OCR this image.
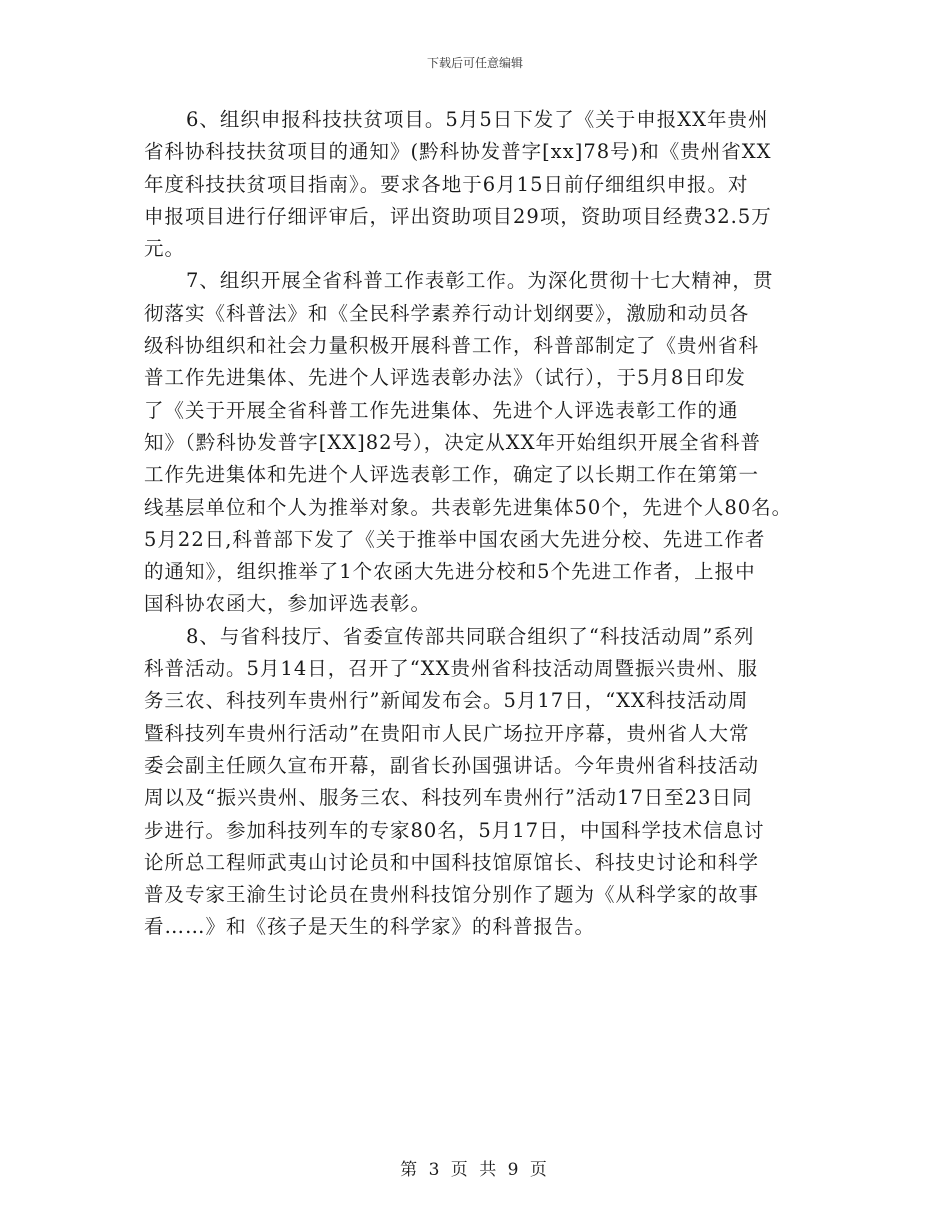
下载后可任意编辑

6、组织申报科技扶贫项目。5月5日下发了《关于申报XX年贵州
省科协科技扶贫项目的通知》(黔科协发普字[xx]78号)和《贵州省XX
年度科技扶贫项目指南》。要求各地于6月15日前仔细组织申报。对
申报项目进行仔细评审后，评出资助项目29项，资助项目经费32.5万
元。

7、组织开展全省科普工作表彰工作。为深化贯彻十七大精神，贯
彻落实《科普法》和《全民科学素养行动计划纲要》，激励和动员各
级科协组织和社会力量积极开展科普工作，科普部制定了《贵州省科
普工作先进集体、先进个人评选表彰办法》（试行），于5月8日印发
了《关于开展全省科普工作先进集体、先进个人评选表彰工作的通
知》（黔科协发普字[XX]82号），决定从XX年开始组织开展全省科普
工作先进集体和先进个人评选表彰工作，确定了以长期工作在第第一
线基层单位和个人为推举对象。共表彰先进集体50个，先进个人80名。
5月22日,科普部下发了《关于推举中国农函大先进分校、先进工作者
的通知》，组织推举了1个农函大先进分校和5个先进工作者，上报中
国科协农函大，参加评选表彰。

8、与省科技厅、省委宣传部共同联合组织了“科技活动周”系列
科普活动。5月14日，召开了“XX贵州省科技活动周暨振兴贵州、服
务三农、科技列车贵州行”新闻发布会。5月17日，“XX科技活动周
暨科技列车贵州行活动”在贵阳市人民广场拉开序幕，贵州省人大常
委会副主任顾久宣布开幕，副省长孙国强讲话。今年贵州省科技活动
周以及“振兴贵州、服务三农、科技列车贵州行”活动17日至23日同
步进行。参加科技列车的专家80名，5月17日，中国科学技术信息讨
论所总工程师武夷山讨论员和中国科技馆原馆长、科技史讨论和科学
普及专家王渝生讨论员在贵州科技馆分别作了题为《从科学家的故事
看……》和《孩子是天生的科学家》的科普报告。

第 3 页 共 9 页
